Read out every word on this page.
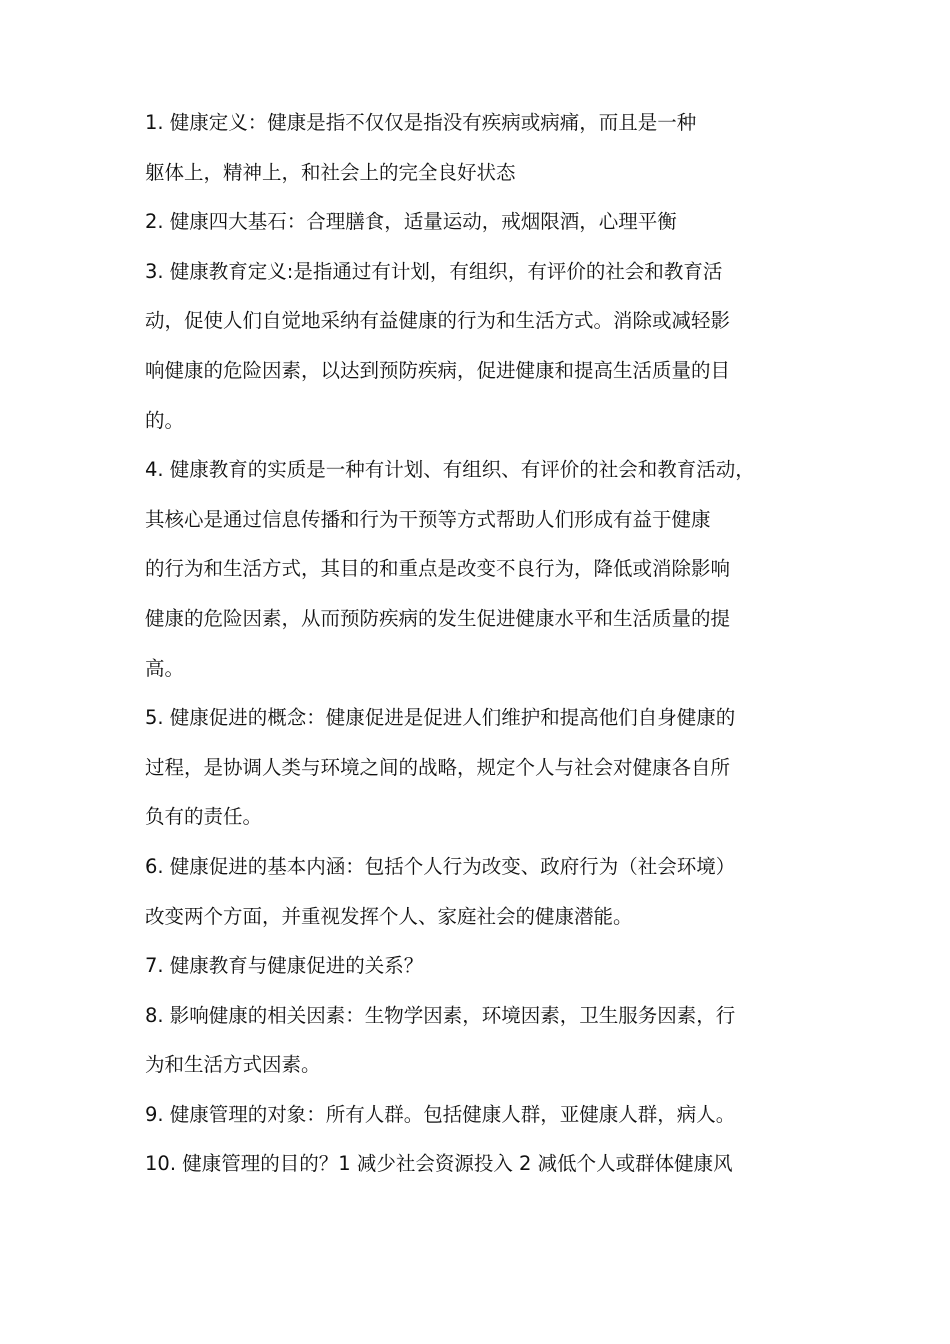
1. 健康定义：健康是指不仅仅是指没有疾病或病痛，而且是一种
躯体上，精神上，和社会上的完全良好状态

2. 健康四大基石：合理膳食，适量运动，戒烟限酒，心理平衡

3. 健康教育定义:是指通过有计划，有组织，有评价的社会和教育活
动，促使人们自觉地采纳有益健康的行为和生活方式。消除或减轻影
响健康的危险因素，以达到预防疾病，促进健康和提高生活质量的目
的。

4. 健康教育的实质是一种有计划、有组织、有评价的社会和教育活动，
其核心是通过信息传播和行为干预等方式帮助人们形成有益于健康
的行为和生活方式，其目的和重点是改变不良行为，降低或消除影响
健康的危险因素，从而预防疾病的发生促进健康水平和生活质量的提
高。

5. 健康促进的概念：健康促进是促进人们维护和提高他们自身健康的
过程，是协调人类与环境之间的战略，规定个人与社会对健康各自所
负有的责任。

6. 健康促进的基本内涵：包括个人行为改变、政府行为（社会环境）
改变两个方面，并重视发挥个人、家庭社会的健康潜能。

7. 健康教育与健康促进的关系？

8. 影响健康的相关因素：生物学因素，环境因素，卫生服务因素，行
为和生活方式因素。

9. 健康管理的对象：所有人群。包括健康人群，亚健康人群，病人。

10. 健康管理的目的？1 减少社会资源投入 2 减低个人或群体健康风
